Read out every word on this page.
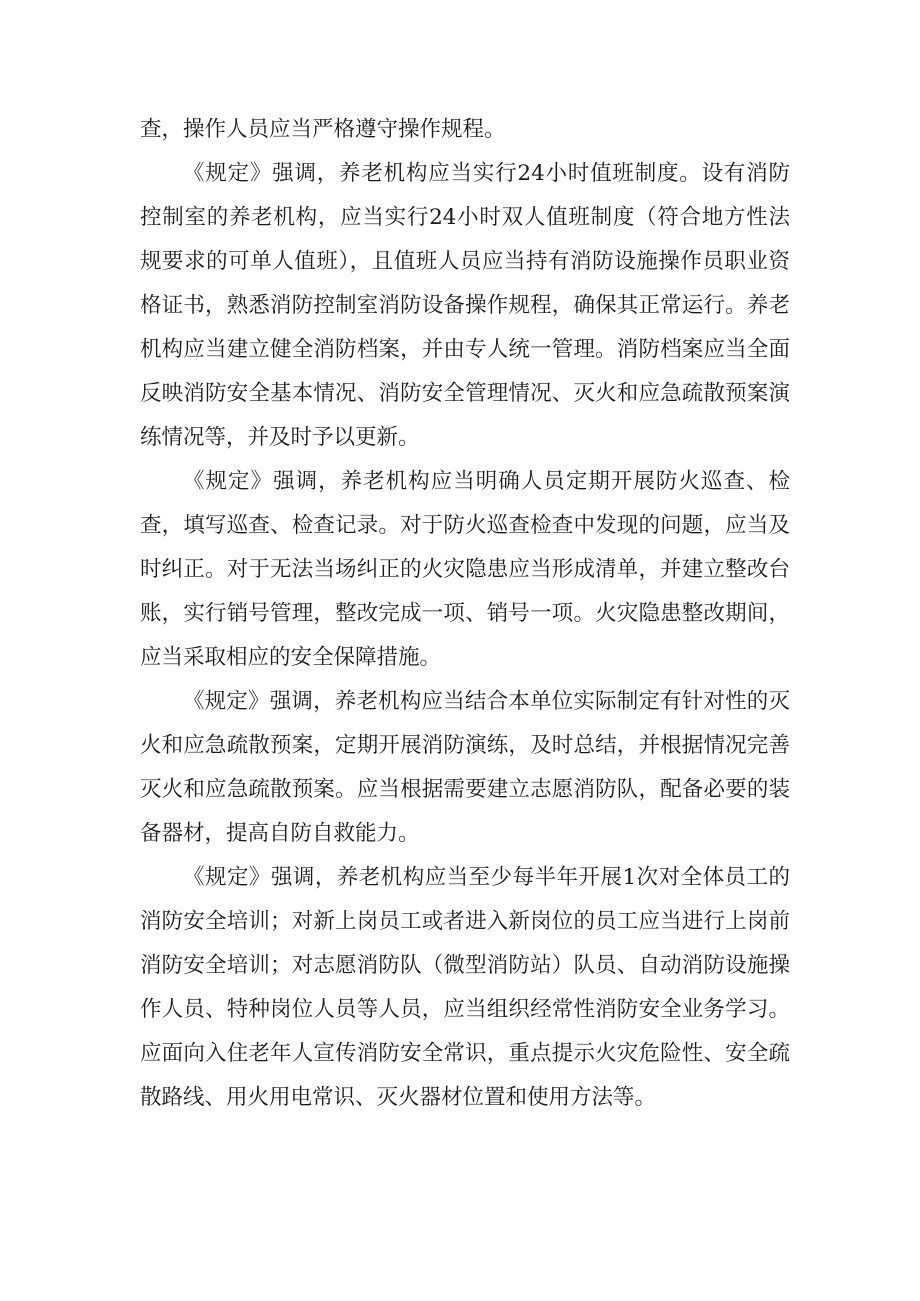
查，操作人员应当严格遵守操作规程。

《规定》强调，养老机构应当实行24小时值班制度。设有消防控制室的养老机构，应当实行24小时双人值班制度（符合地方性法规要求的可单人值班），且值班人员应当持有消防设施操作员职业资格证书，熟悉消防控制室消防设备操作规程，确保其正常运行。养老机构应当建立健全消防档案，并由专人统一管理。消防档案应当全面反映消防安全基本情况、消防安全管理情况、灭火和应急疏散预案演练情况等，并及时予以更新。

《规定》强调，养老机构应当明确人员定期开展防火巡查、检查，填写巡查、检查记录。对于防火巡查检查中发现的问题，应当及时纠正。对于无法当场纠正的火灾隐患应当形成清单，并建立整改台账，实行销号管理，整改完成一项、销号一项。火灾隐患整改期间，应当采取相应的安全保障措施。

《规定》强调，养老机构应当结合本单位实际制定有针对性的灭火和应急疏散预案，定期开展消防演练，及时总结，并根据情况完善灭火和应急疏散预案。应当根据需要建立志愿消防队，配备必要的装备器材，提高自防自救能力。

《规定》强调，养老机构应当至少每半年开展1次对全体员工的消防安全培训；对新上岗员工或者进入新岗位的员工应当进行上岗前消防安全培训；对志愿消防队（微型消防站）队员、自动消防设施操作人员、特种岗位人员等人员，应当组织经常性消防安全业务学习。应面向入住老年人宣传消防安全常识，重点提示火灾危险性、安全疏散路线、用火用电常识、灭火器材位置和使用方法等。
